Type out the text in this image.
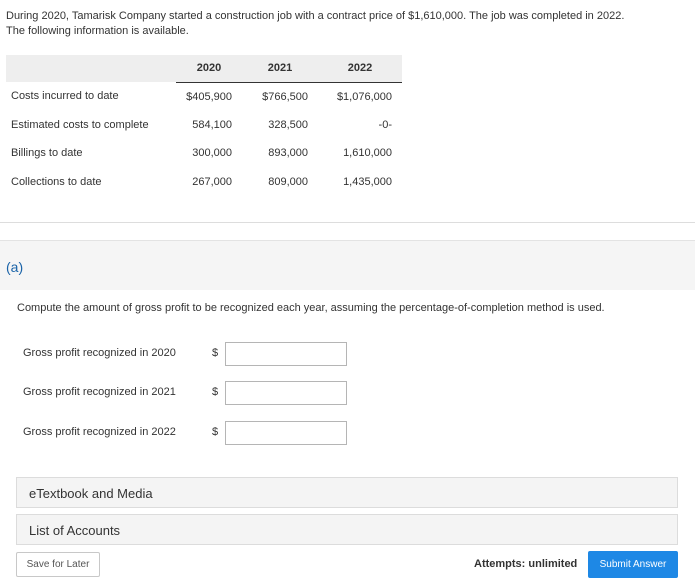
During 2020, Tamarisk Company started a construction job with a contract price of $1,610,000. The job was completed in 2022.
The following information is available.
	2020	2021	2022
Costs incurred to date	$405,900	$766,500	$1,076,000
Estimated costs to complete	584,100	328,500	-0-
Billings to date	300,000	893,000	1,610,000
Collections to date	267,000	809,000	1,435,000
(a)
Compute the amount of gross profit to be recognized each year, assuming the percentage-of-completion method is used.
Gross profit recognized in 2020	$
Gross profit recognized in 2021	$
Gross profit recognized in 2022	$
eTextbook and Media
List of Accounts
Save for Later	Attempts: unlimited	Submit Answer
